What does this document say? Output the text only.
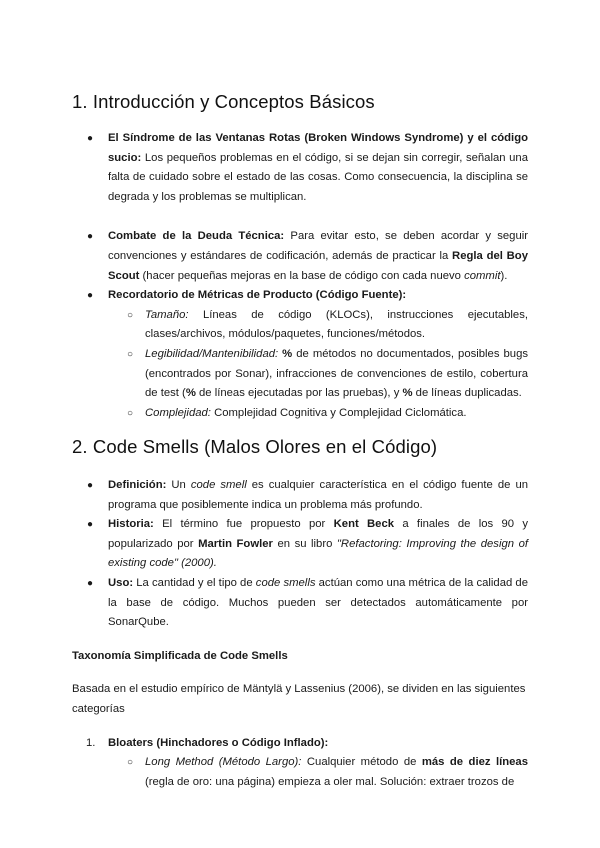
1. Introducción y Conceptos Básicos
● El Síndrome de las Ventanas Rotas (Broken Windows Syndrome) y el código sucio: Los pequeños problemas en el código, si se dejan sin corregir, señalan una falta de cuidado sobre el estado de las cosas. Como consecuencia, la disciplina se degrada y los problemas se multiplican.
● Combate de la Deuda Técnica: Para evitar esto, se deben acordar y seguir convenciones y estándares de codificación, además de practicar la Regla del Boy Scout (hacer pequeñas mejoras en la base de código con cada nuevo commit).
● Recordatorio de Métricas de Producto (Código Fuente):
○ Tamaño: Líneas de código (KLOCs), instrucciones ejecutables, clases/archivos, módulos/paquetes, funciones/métodos.
○ Legibilidad/Mantenibilidad: % de métodos no documentados, posibles bugs (encontrados por Sonar), infracciones de convenciones de estilo, cobertura de test (% de líneas ejecutadas por las pruebas), y % de líneas duplicadas.
○ Complejidad: Complejidad Cognitiva y Complejidad Ciclomática.
2. Code Smells (Malos Olores en el Código)
● Definición: Un code smell es cualquier característica en el código fuente de un programa que posiblemente indica un problema más profundo.
● Historia: El término fue propuesto por Kent Beck a finales de los 90 y popularizado por Martin Fowler en su libro "Refactoring: Improving the design of existing code" (2000).
● Uso: La cantidad y el tipo de code smells actúan como una métrica de la calidad de la base de código. Muchos pueden ser detectados automáticamente por SonarQube.
Taxonomía Simplificada de Code Smells
Basada en el estudio empírico de Mäntylä y Lassenius (2006), se dividen en las siguientes categorías
1. Bloaters (Hinchadores o Código Inflado):
○ Long Method (Método Largo): Cualquier método de más de diez líneas (regla de oro: una página) empieza a oler mal. Solución: extraer trozos de
